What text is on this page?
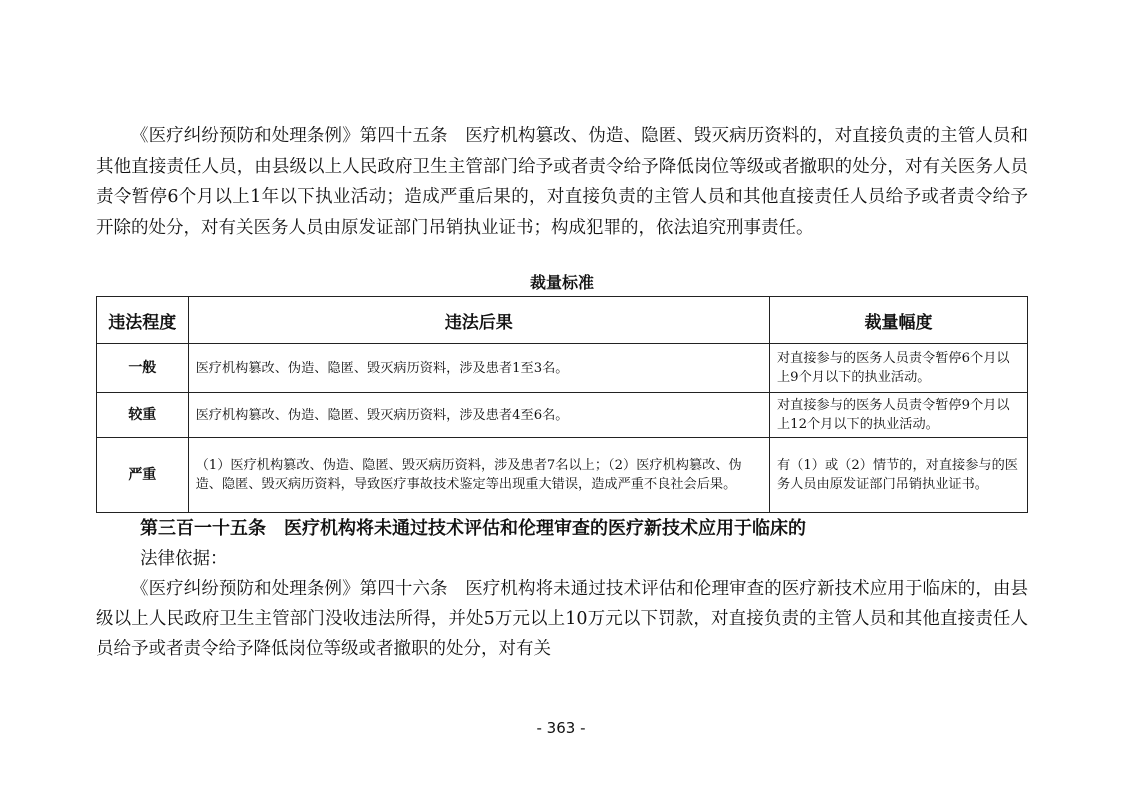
《医疗纠纷预防和处理条例》第四十五条　医疗机构篡改、伪造、隐匿、毁灭病历资料的，对直接负责的主管人员和其他直接责任人员，由县级以上人民政府卫生主管部门给予或者责令给予降低岗位等级或者撤职的处分，对有关医务人员责令暂停6个月以上1年以下执业活动；造成严重后果的，对直接负责的主管人员和其他直接责任人员给予或者责令给予开除的处分，对有关医务人员由原发证部门吊销执业证书；构成犯罪的，依法追究刑事责任。

裁量标准

违法程度	违法后果	裁量幅度
一般	医疗机构篡改、伪造、隐匿、毁灭病历资料，涉及患者1至3名。	对直接参与的医务人员责令暂停6个月以上9个月以下的执业活动。
较重	医疗机构篡改、伪造、隐匿、毁灭病历资料，涉及患者4至6名。	对直接参与的医务人员责令暂停9个月以上12个月以下的执业活动。
严重	（1）医疗机构篡改、伪造、隐匿、毁灭病历资料，涉及患者7名以上；（2）医疗机构篡改、伪造、隐匿、毁灭病历资料，导致医疗事故技术鉴定等出现重大错误，造成严重不良社会后果。	有（1）或（2）情节的，对直接参与的医务人员由原发证部门吊销执业证书。

第三百一十五条　医疗机构将未通过技术评估和伦理审查的医疗新技术应用于临床的

法律依据：

《医疗纠纷预防和处理条例》第四十六条　医疗机构将未通过技术评估和伦理审查的医疗新技术应用于临床的，由县级以上人民政府卫生主管部门没收违法所得，并处5万元以上10万元以下罚款，对直接负责的主管人员和其他直接责任人员给予或者责令给予降低岗位等级或者撤职的处分，对有关

- 363 -
